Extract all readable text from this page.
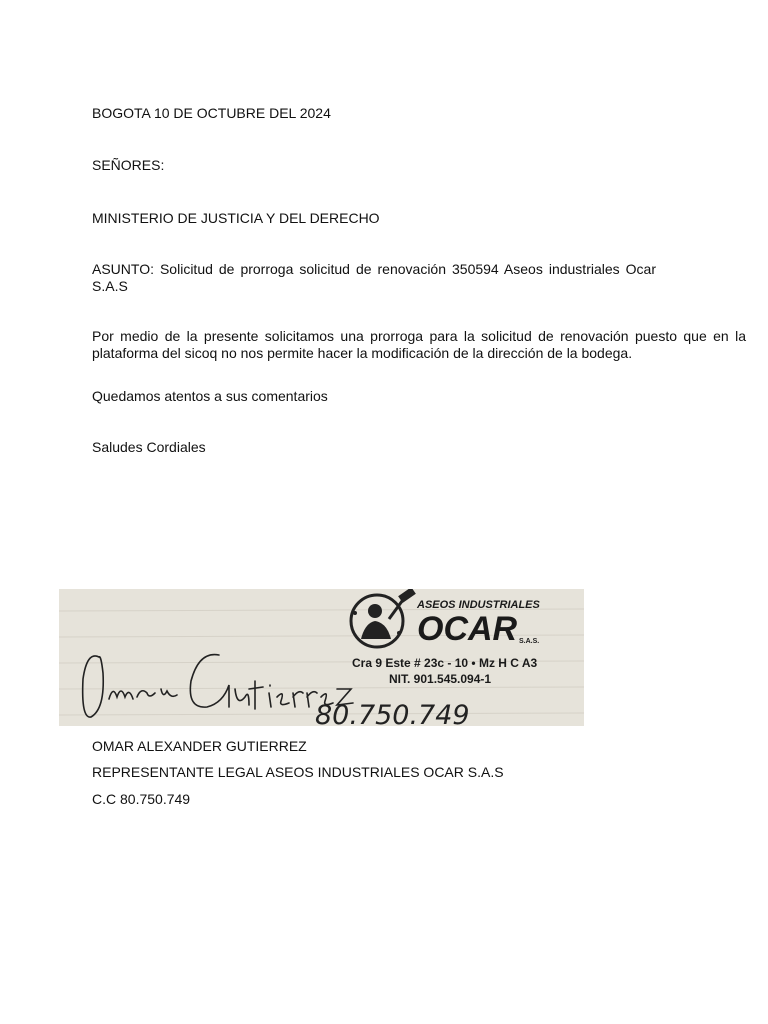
BOGOTA 10 DE OCTUBRE DEL 2024

SEÑORES:

MINISTERIO DE JUSTICIA Y DEL DERECHO

ASUNTO: Solicitud de prorroga solicitud de renovación 350594 Aseos industriales Ocar S.A.S

Por medio de la presente solicitamos una prorroga para la solicitud de renovación puesto que en la plataforma del sicoq no nos permite hacer la modificación de la dirección de la bodega.

Quedamos atentos a sus comentarios

Saludes Cordiales

ASEOS INDUSTRIALES
OCAR S.A.S.
Cra 9 Este # 23c - 10 • Mz H C A3
NIT. 901.545.094-1
80.750.749

OMAR ALEXANDER GUTIERREZ

REPRESENTANTE LEGAL ASEOS INDUSTRIALES OCAR S.A.S

C.C 80.750.749
